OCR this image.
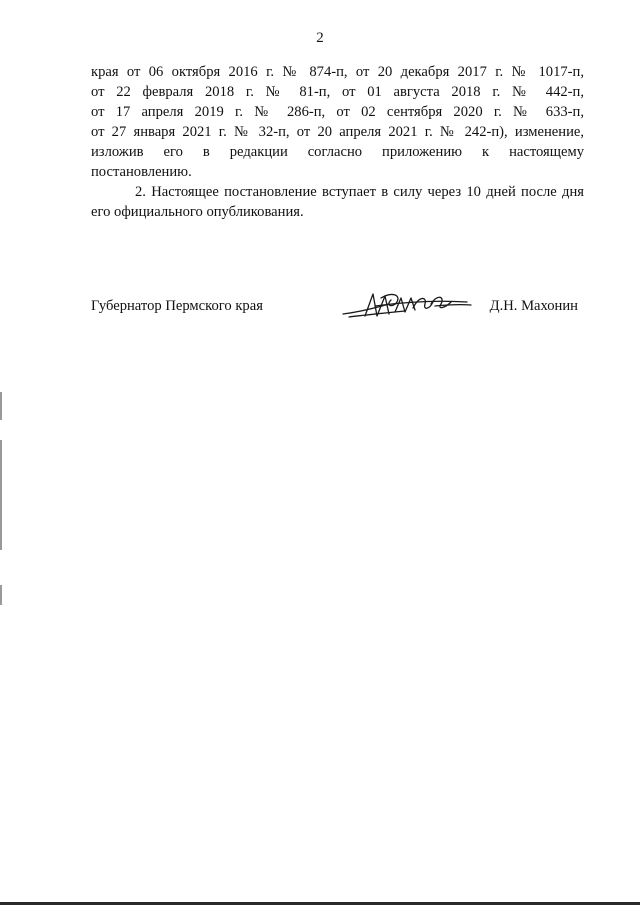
2
края от 06 октября 2016 г. № 874-п, от 20 декабря 2017 г. № 1017-п,
от 22 февраля 2018 г. № 81-п, от 01 августа 2018 г. № 442-п,
от 17 апреля 2019 г. № 286-п, от 02 сентября 2020 г. № 633-п,
от 27 января 2021 г. № 32-п, от 20 апреля 2021 г. № 242-п), изменение,
изложив его в редакции согласно приложению к настоящему
постановлению.
2. Настоящее постановление вступает в силу через 10 дней после дня
его официального опубликования.
Губернатор Пермского края	Д.Н. Махонин
